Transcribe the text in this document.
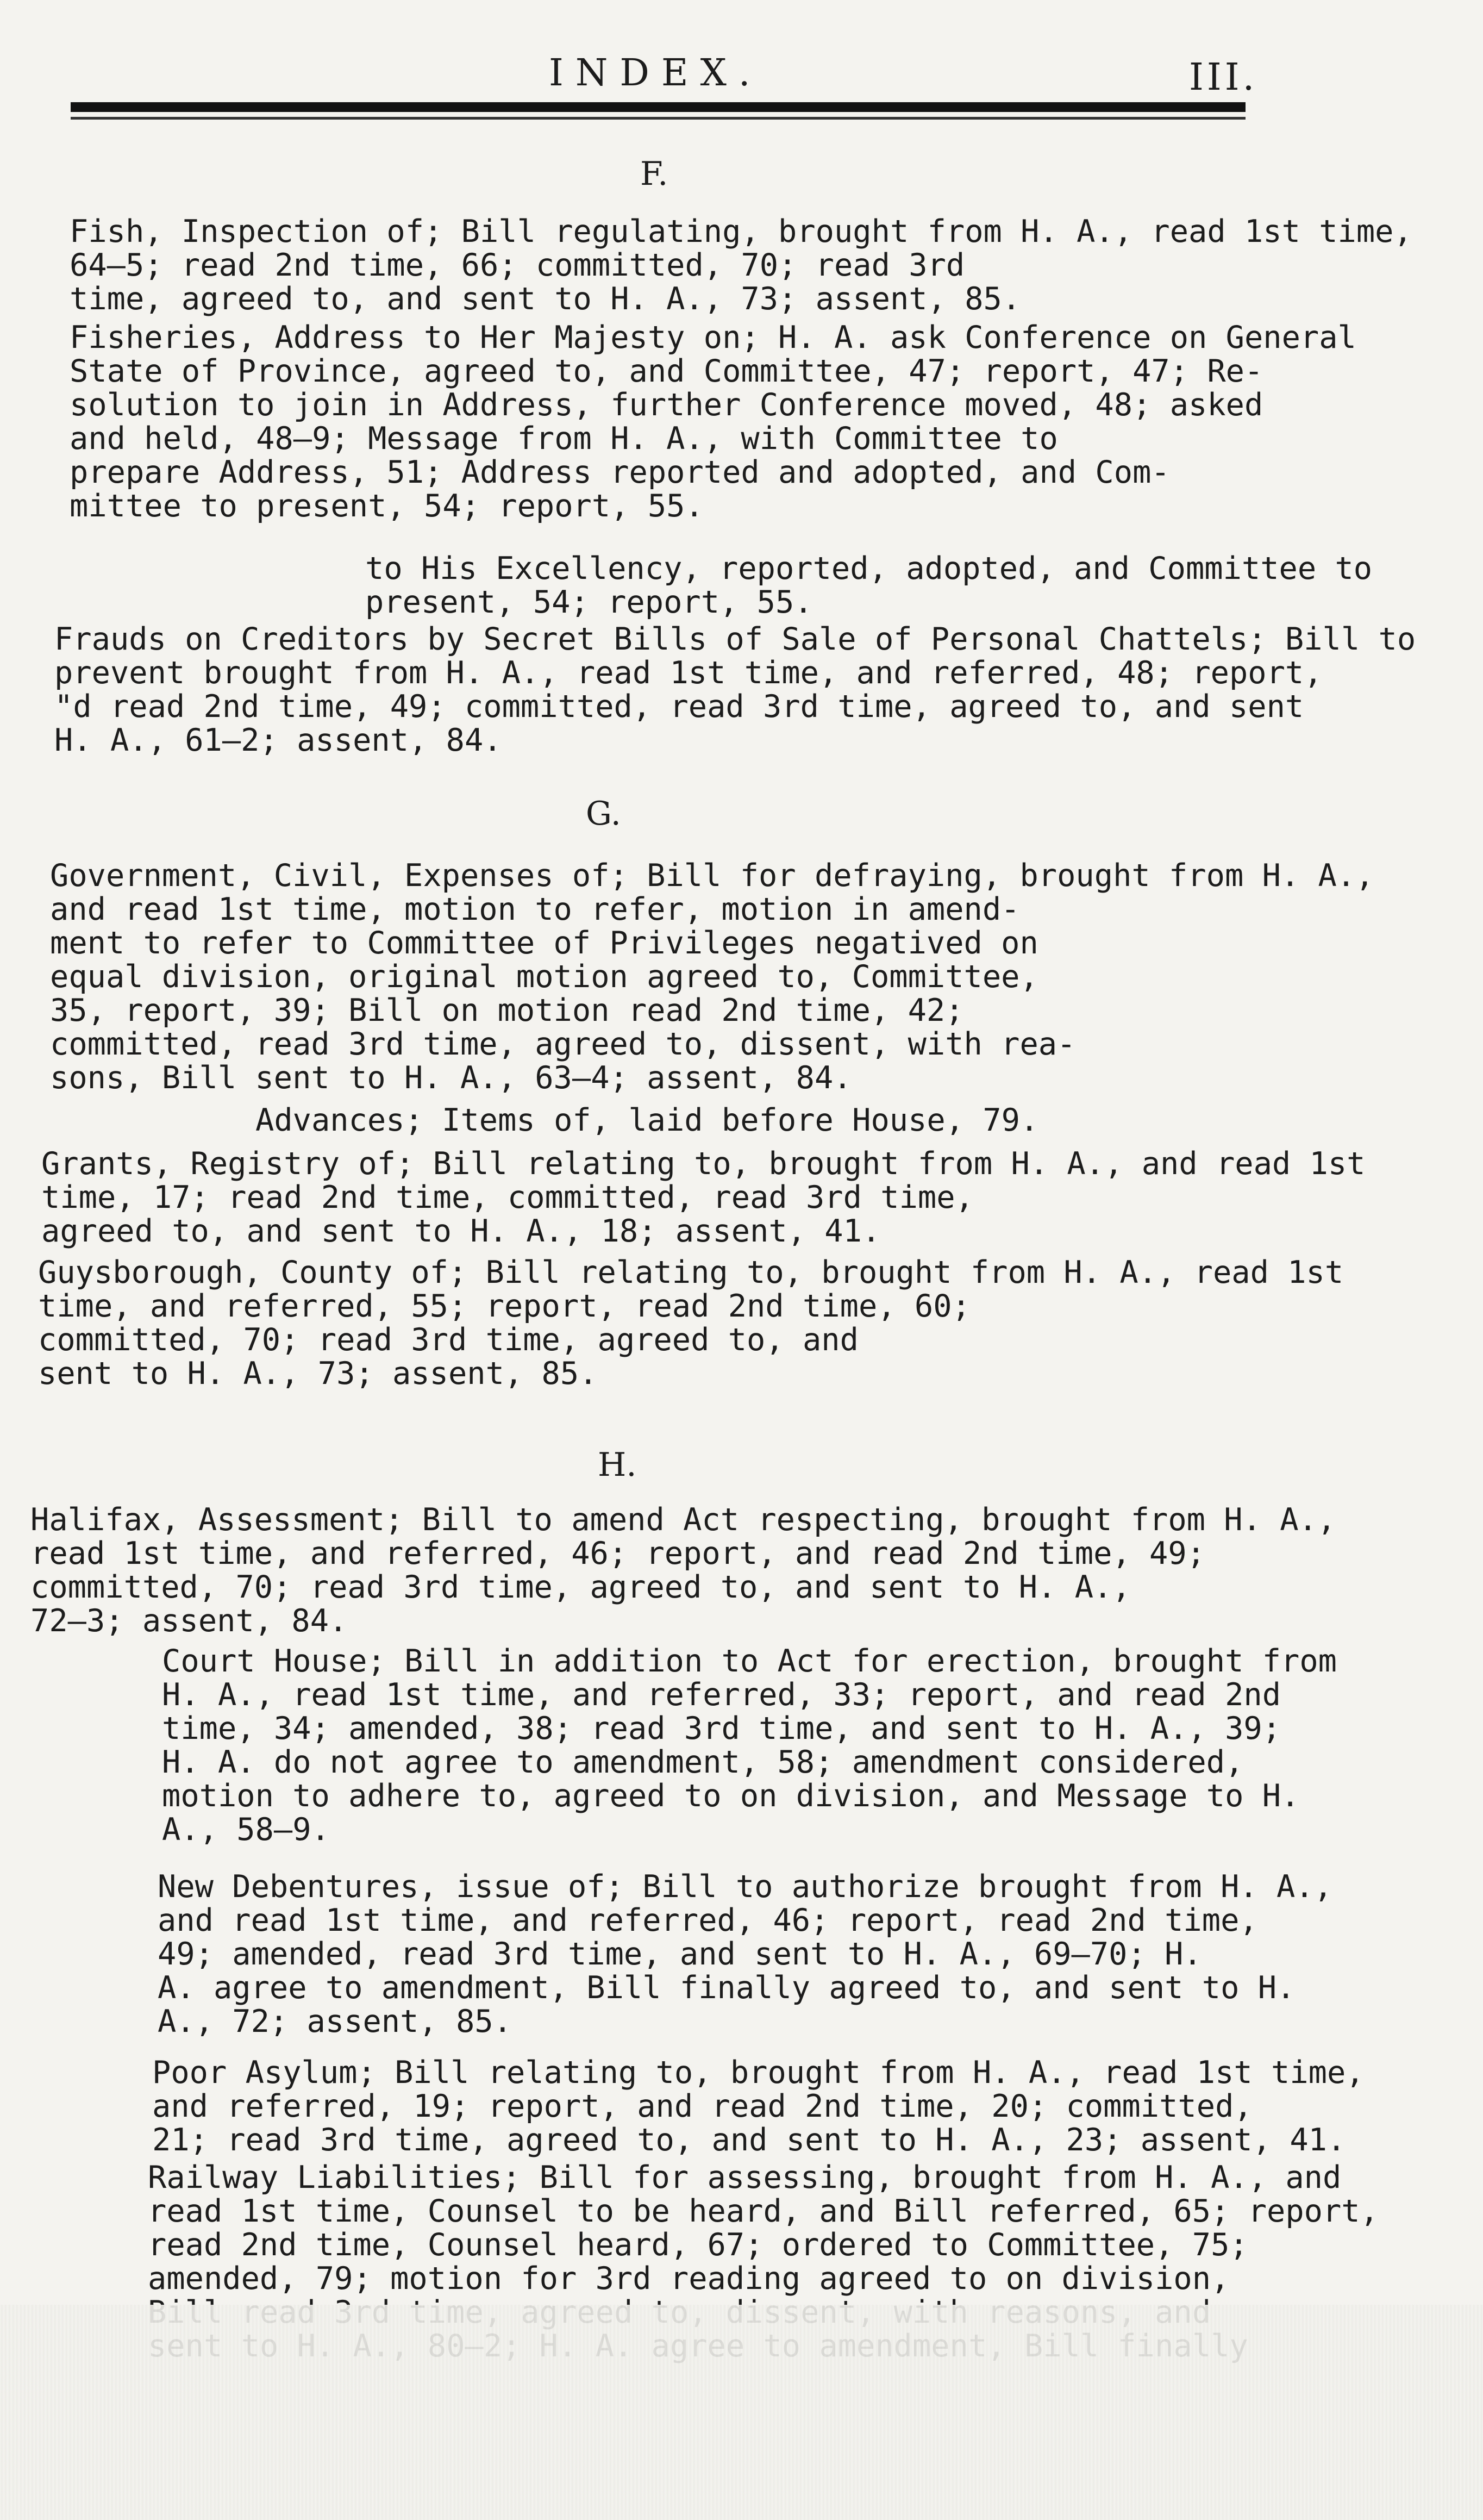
INDEX.	III.
F.
Fish, Inspection of; Bill regulating, brought from H. A., read 1st time,
64—5; read 2nd time, 66; committed, 70; read 3rd
time, agreed to, and sent to H. A., 73; assent, 85.
Fisheries, Address to Her Majesty on; H. A. ask Conference on General
State of Province, agreed to, and Committee, 47; report, 47; Re-
solution to join in Address, further Conference moved, 48; asked
and held, 48—9; Message from H. A., with Committee to
prepare Address, 51; Address reported and adopted, and Com-
mittee to present, 54; report, 55.
to His Excellency, reported, adopted, and Committee to
present, 54; report, 55.
Frauds on Creditors by Secret Bills of Sale of Personal Chattels; Bill to
prevent brought from H. A., read 1st time, and referred, 48; report,
"d read 2nd time, 49; committed, read 3rd time, agreed to, and sent
H. A., 61—2; assent, 84.
G.
Government, Civil, Expenses of; Bill for defraying, brought from H. A.,
and read 1st time, motion to refer, motion in amend-
ment to refer to Committee of Privileges negatived on
equal division, original motion agreed to, Committee,
35, report, 39; Bill on motion read 2nd time, 42;
committed, read 3rd time, agreed to, dissent, with rea-
sons, Bill sent to H. A., 63—4; assent, 84.
Advances; Items of, laid before House, 79.
Grants, Registry of; Bill relating to, brought from H. A., and read 1st
time, 17; read 2nd time, committed, read 3rd time,
agreed to, and sent to H. A., 18; assent, 41.
Guysborough, County of; Bill relating to, brought from H. A., read 1st
time, and referred, 55; report, read 2nd time, 60;
committed, 70; read 3rd time, agreed to, and
sent to H. A., 73; assent, 85.
H.
Halifax, Assessment; Bill to amend Act respecting, brought from H. A.,
read 1st time, and referred, 46; report, and read 2nd time, 49;
committed, 70; read 3rd time, agreed to, and sent to H. A.,
72—3; assent, 84.
Court House; Bill in addition to Act for erection, brought from
H. A., read 1st time, and referred, 33; report, and read 2nd
time, 34; amended, 38; read 3rd time, and sent to H. A., 39;
H. A. do not agree to amendment, 58; amendment considered,
motion to adhere to, agreed to on division, and Message to H.
A., 58—9.
New Debentures, issue of; Bill to authorize brought from H. A.,
and read 1st time, and referred, 46; report, read 2nd time,
49; amended, read 3rd time, and sent to H. A., 69—70; H.
A. agree to amendment, Bill finally agreed to, and sent to H.
A., 72; assent, 85.
Poor Asylum; Bill relating to, brought from H. A., read 1st time,
and referred, 19; report, and read 2nd time, 20; committed,
21; read 3rd time, agreed to, and sent to H. A., 23; assent, 41.
Railway Liabilities; Bill for assessing, brought from H. A., and
read 1st time, Counsel to be heard, and Bill referred, 65; report,
read 2nd time, Counsel heard, 67; ordered to Committee, 75;
amended, 79; motion for 3rd reading agreed to on division,
